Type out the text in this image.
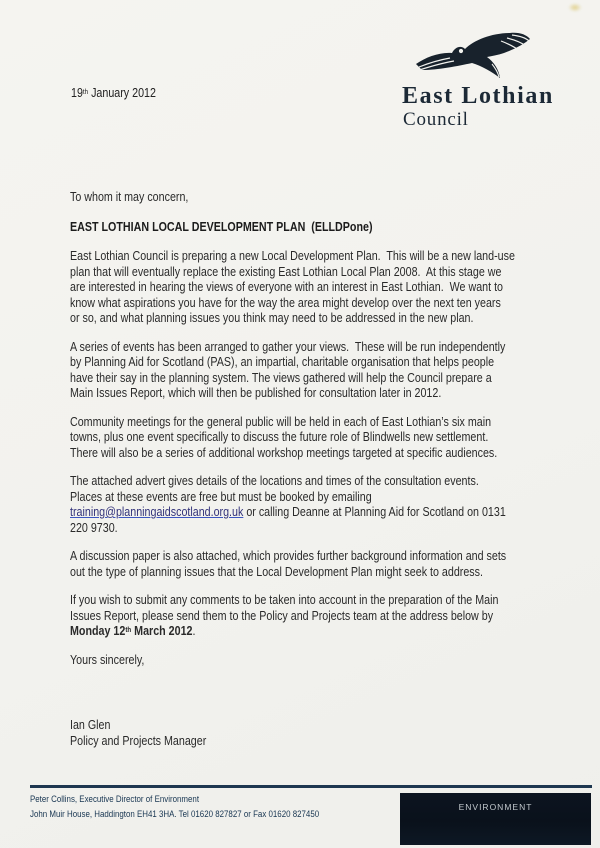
19th January 2012	East Lothian
Council
To whom it may concern,
EAST LOTHIAN LOCAL DEVELOPMENT PLAN  (ELLDPone)
East Lothian Council is preparing a new Local Development Plan.  This will be a new land-use
plan that will eventually replace the existing East Lothian Local Plan 2008.  At this stage we
are interested in hearing the views of everyone with an interest in East Lothian.  We want to
know what aspirations you have for the way the area might develop over the next ten years
or so, and what planning issues you think may need to be addressed in the new plan.
A series of events has been arranged to gather your views.  These will be run independently
by Planning Aid for Scotland (PAS), an impartial, charitable organisation that helps people
have their say in the planning system. The views gathered will help the Council prepare a
Main Issues Report, which will then be published for consultation later in 2012.
Community meetings for the general public will be held in each of East Lothian’s six main
towns, plus one event specifically to discuss the future role of Blindwells new settlement.
There will also be a series of additional workshop meetings targeted at specific audiences.
The attached advert gives details of the locations and times of the consultation events.
Places at these events are free but must be booked by emailing
training@planningaidscotland.org.uk or calling Deanne at Planning Aid for Scotland on 0131
220 9730.
A discussion paper is also attached, which provides further background information and sets
out the type of planning issues that the Local Development Plan might seek to address.
If you wish to submit any comments to be taken into account in the preparation of the Main
Issues Report, please send them to the Policy and Projects team at the address below by
Monday 12th March 2012.
Yours sincerely,
Ian Glen
Policy and Projects Manager
Peter Collins, Executive Director of Environment
John Muir House, Haddington EH41 3HA. Tel 01620 827827 or Fax 01620 827450
ENVIRONMENT
